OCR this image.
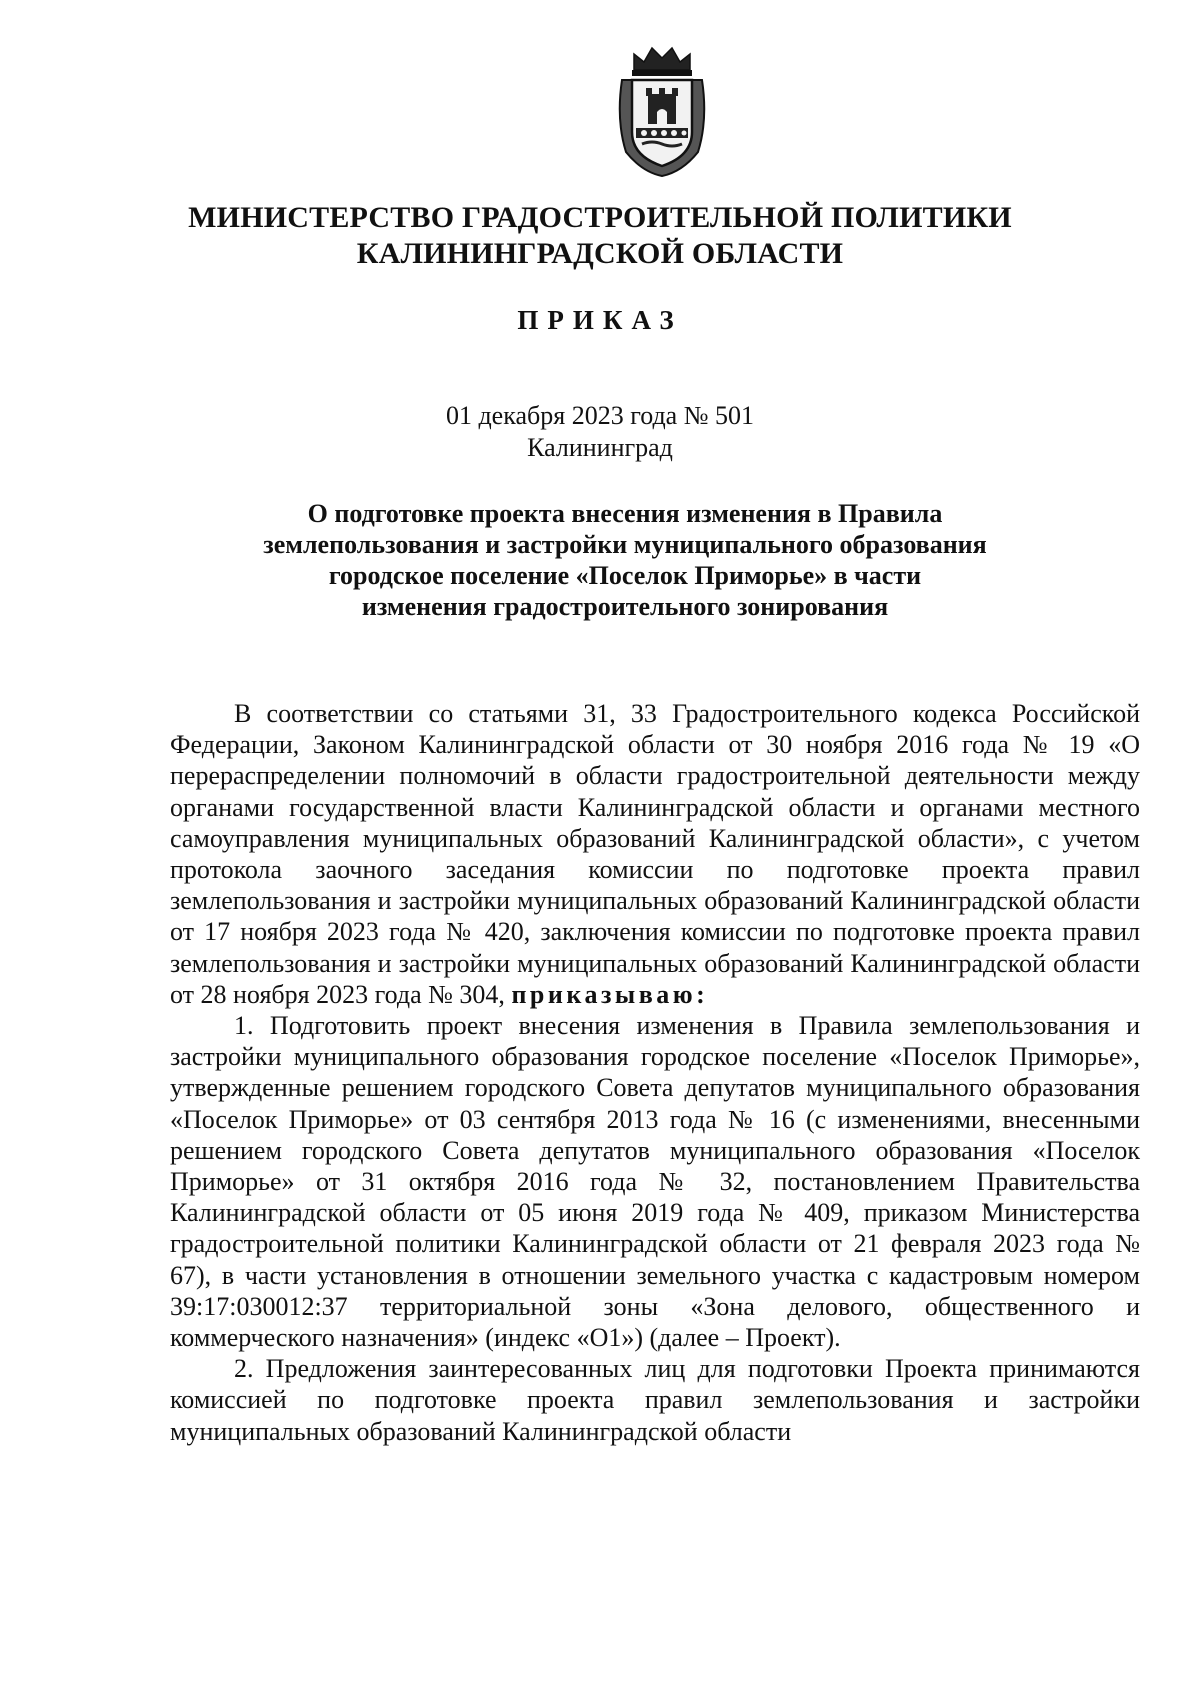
МИНИСТЕРСТВО ГРАДОСТРОИТЕЛЬНОЙ ПОЛИТИКИ
КАЛИНИНГРАДСКОЙ ОБЛАСТИ
ПРИКАЗ
01 декабря 2023 года № 501
Калининград
О подготовке проекта внесения изменения в Правила
землепользования и застройки муниципального образования
городское поселение «Поселок Приморье» в части
изменения градостроительного зонирования

В соответствии со статьями 31, 33 Градостроительного кодекса Российской Федерации, Законом Калининградской области от 30 ноября 2016 года № 19 «О перераспределении полномочий в области градостроительной деятельности между органами государственной власти Калининградской области и органами местного самоуправления муниципальных образований Калининградской области», с учетом протокола заочного заседания комиссии по подготовке проекта правил землепользования и застройки муниципальных образований Калининградской области от 17 ноября 2023 года № 420, заключения комиссии по подготовке проекта правил землепользования и застройки муниципальных образований Калининградской области от 28 ноября 2023 года № 304, приказываю:

1. Подготовить проект внесения изменения в Правила землепользования и застройки муниципального образования городское поселение «Поселок Приморье», утвержденные решением городского Совета депутатов муниципального образования «Поселок Приморье» от 03 сентября 2013 года № 16 (с изменениями, внесенными решением городского Совета депутатов муниципального образования «Поселок Приморье» от 31 октября 2016 года № 32, постановлением Правительства Калининградской области от 05 июня 2019 года № 409, приказом Министерства градостроительной политики Калининградской области от 21 февраля 2023 года № 67), в части установления в отношении земельного участка с кадастровым номером 39:17:030012:37 территориальной зоны «Зона делового, общественного и коммерческого назначения» (индекс «О1») (далее – Проект).

2. Предложения заинтересованных лиц для подготовки Проекта принимаются комиссией по подготовке проекта правил землепользования и застройки муниципальных образований Калининградской области
